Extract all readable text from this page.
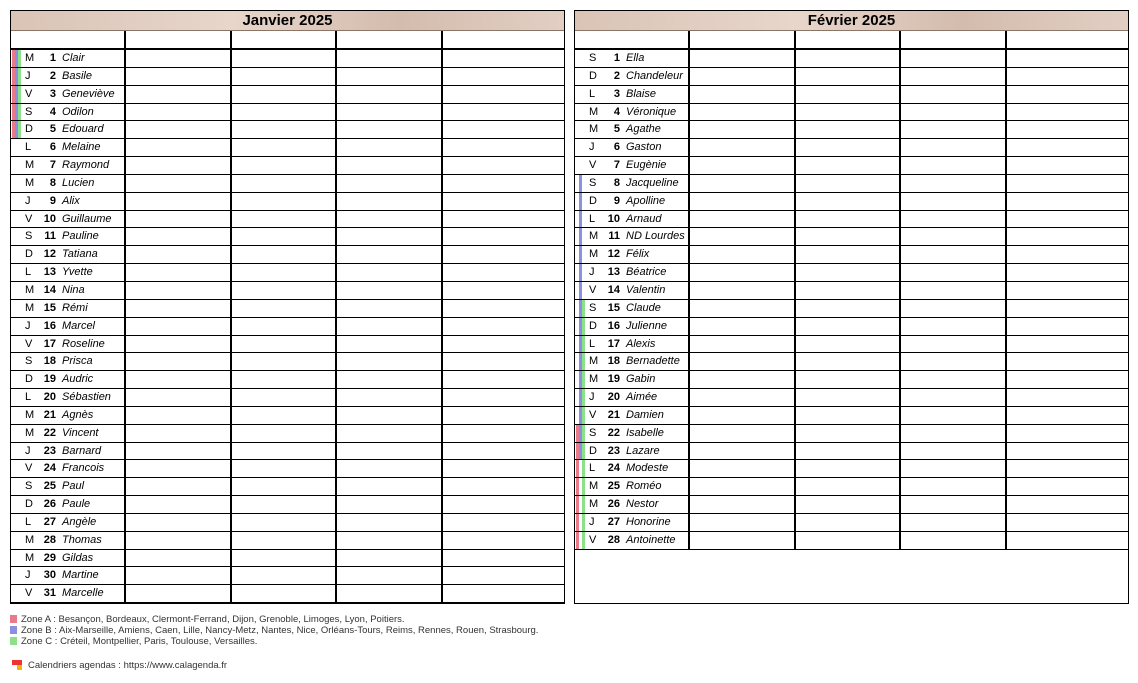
Janvier 2025
M	1 Clair
J	2 Basile
V	3 Geneviève
S	4 Odilon
D	5 Edouard
L	6 Melaine
M	7 Raymond
M	8 Lucien
J	9 Alix
V	10 Guillaume
S	11 Pauline
D 12 Tatiana
L	13 Yvette
M 14 Nina
M 15 Rémi
J	16 Marcel
V	17 Roseline
S	18 Prisca
D 19 Audric
L	20 Sébastien
M 21 Agnès
M 22 Vincent
J	23 Barnard
V	24 Francois
S	25 Paul
D 26 Paule
L	27 Angèle
M 28 Thomas
M 29 Gildas
J	30 Martine
V	31 Marcelle
Février 2025
S	1 Ella
D	2 Chandeleur
L	3 Blaise
M	4 Véronique
M	5 Agathe
J	6 Gaston
V	7 Eugènie
S	8 Jacqueline
D	9 Apolline
L	10 Arnaud
M 11 ND Lourdes
M 12 Félix
J	13 Béatrice
V	14 Valentin
S	15 Claude
D 16 Julienne
L	17 Alexis
M 18 Bernadette
M 19 Gabin
J	20 Aimée
V	21 Damien
S	22 Isabelle
D 23 Lazare
L	24 Modeste
M 25 Roméo
M 26 Nestor
J	27 Honorine
V	28 Antoinette
Zone A : Besançon, Bordeaux, Clermont-Ferrand, Dijon, Grenoble, Limoges, Lyon, Poitiers.
Zone B : Aix-Marseille, Amiens, Caen, Lille, Nancy-Metz, Nantes, Nice, Orléans-Tours, Reims, Rennes, Rouen, Strasbourg.
Zone C : Créteil, Montpellier, Paris, Toulouse, Versailles.
Calendriers agendas : https://www.calagenda.fr
